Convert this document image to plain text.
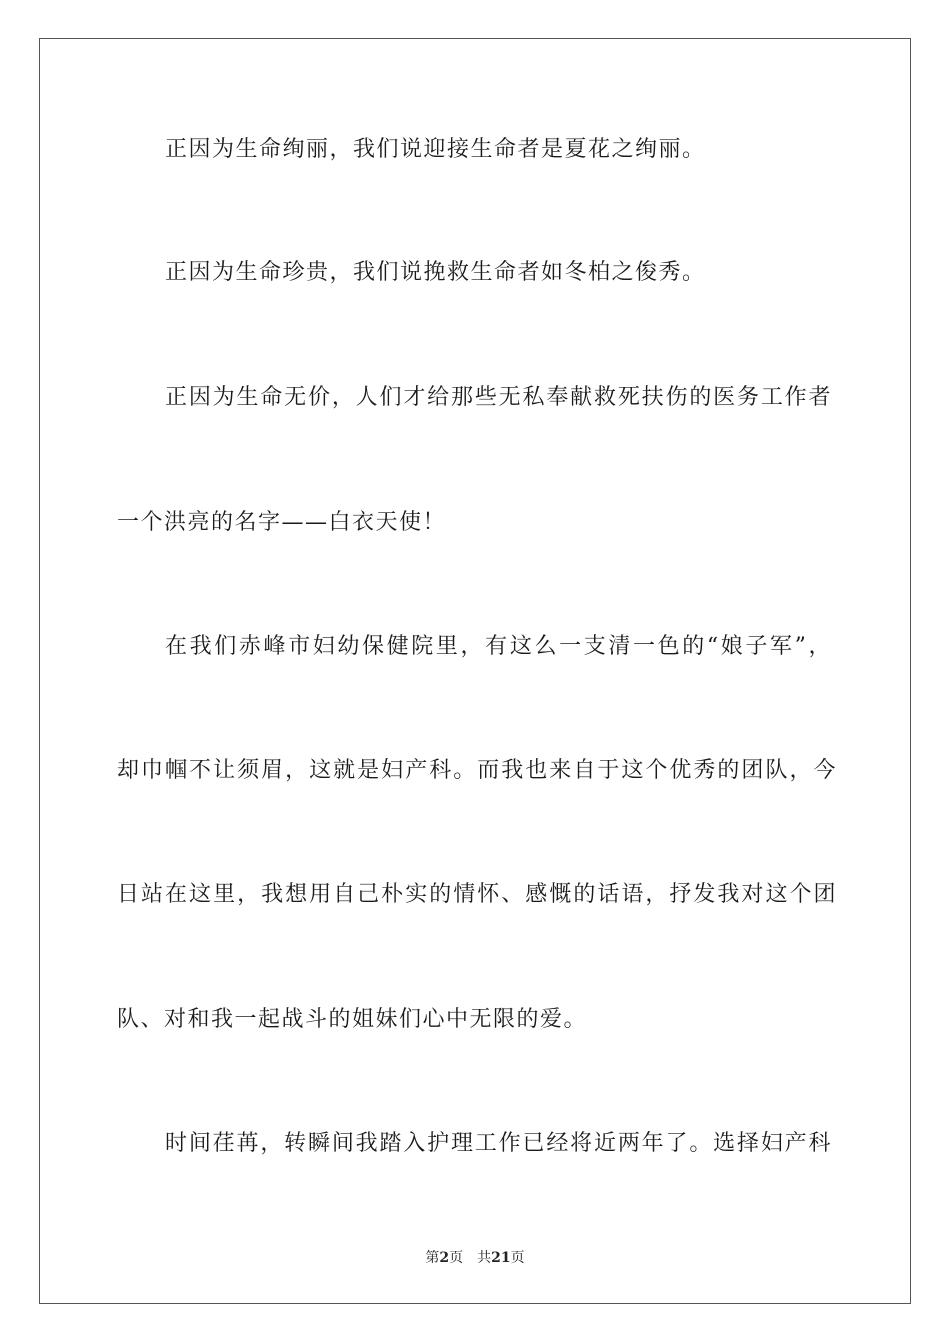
正因为生命绚丽，我们说迎接生命者是夏花之绚丽。
正因为生命珍贵，我们说挽救生命者如冬柏之俊秀。
正因为生命无价，人们才给那些无私奉献救死扶伤的医务工作者
一个洪亮的名字——白衣天使！
在我们赤峰市妇幼保健院里，有这么一支清一色的“娘子军”，
却巾帼不让须眉，这就是妇产科。而我也来自于这个优秀的团队，今
日站在这里，我想用自己朴实的情怀、感慨的话语，抒发我对这个团
队、对和我一起战斗的姐妹们心中无限的爱。
时间荏苒，转瞬间我踏入护理工作已经将近两年了。选择妇产科
第2页 共21页
